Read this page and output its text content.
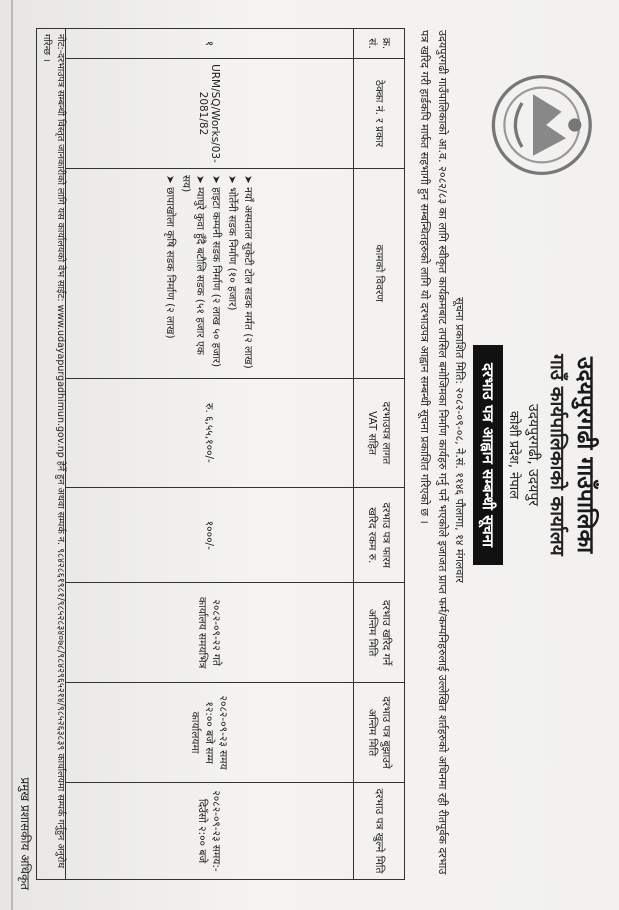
उदयपुरगढी गाउँपालिका
गाउँ कार्यपालिकाको कार्यालय
उदयपुरगढी, उदयपुर
कोशी प्रदेश, नेपाल
दरभाउ पत्र आह्वान सम्बन्धी सूचना
सूचना प्रकाशित मिति: २०८२-०९-०८, ने.सं. ११४६ पौलागा, १४ मंगलवार
उदयपुरगढी गाउँपालिकाको आ.व. २०८२/८३ का लागि स्वीकृत कार्यक्रमबाट तपसिल बमोजिमका निर्माण कार्यहरु गर्नु पर्ने भएकोले इजाजत प्राप्त फर्म/कम्पनिहरुलाई उल्लेखित शर्तहरुको अधिनमा रही रीतपूर्वक दरभाउ पत्र खरिद गरी हार्डकपि मार्फत सहभागी हुन सम्बन्धितहरुको लागि यो दरभाउपत्र आह्वान सम्बन्धी सूचना प्रकाशित गरिएको छ ।
क्र. सं.	ठेक्का नं. र प्रकार	कामको विवरण	दरभाउपत्र लागत
VAT सहित	दरभाउ पत्र फारम खरिद रकम रु.	दरभाउ खरिद गर्ने अन्तिम मिति	दरभाउ पत्र बुझाउने अन्तिम मिति	दरभाउ पत्र खुल्ने मिति
१	URM/SQ/Works/03-2081/82	➤ नयाँ अस्पताल सुकेटी टोल सडक मर्मत (२ लाख)
➤ भोर्तेनी सडक निर्माण (१० हजार)
➤ हाइटा कम्पनी सडक निर्माण (२ लाख ५० हजार)
➤ म्याघुरे कुवा हुँदै बटौलि सडक (५१ हजार एक सय)
➤ छापाखोला कृषि सडक निर्माण (२ लाख)	रु. ६,५५,१००/-	१०००/-	२०८२-०९-२२ गते कार्यालय समयभित्र	२०८२-०९-२३ समय १२:०० बजे सम्म कार्यालयमा	२०८२-०९-२३ समय:- दिउँसो २:०० बजे
नोट:-दरभाउपत्र सम्बन्धी विस्तृत जानकारीको लागि यस कार्यालयको वेभ साईट: www.udayapurgadhimun.gov.np हेर्ने हुन अथवा सम्पर्क नं. ९८४२८६१९८१/९८५२८३४०७८/९८४२९६५२१४/९८५२६३८३९ कार्यालयमा सम्पर्क गर्नुहुन अनुरोध गरिन्छ ।
प्रमुख प्रशासकीय अधिकृत
